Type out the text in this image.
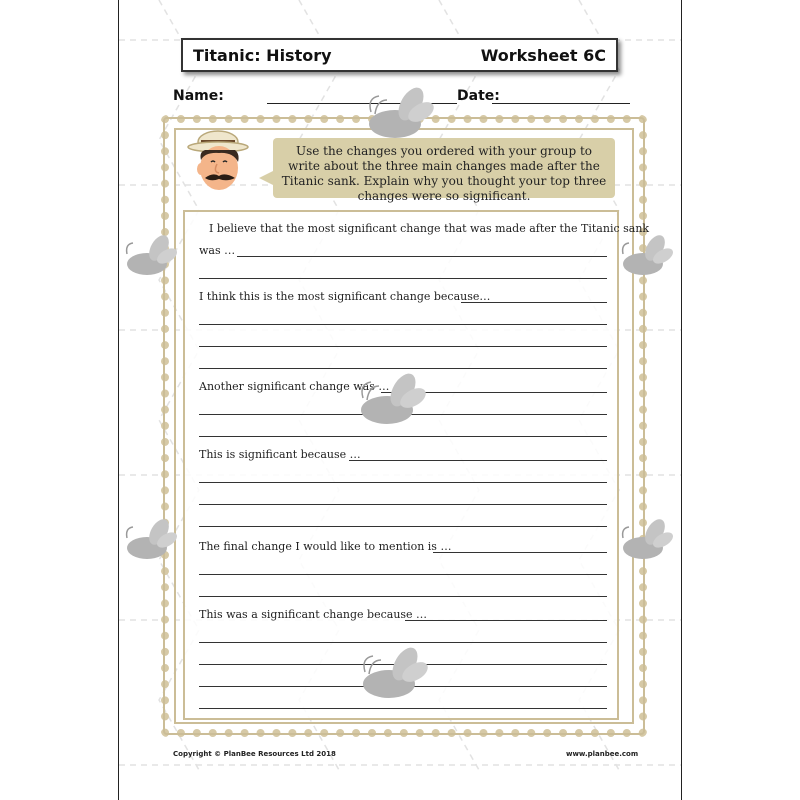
Titanic: History	Worksheet 6C
Name:	Date:
Use the changes you ordered with your group to write about the three main changes made after the Titanic sank. Explain why you thought your top three changes were so significant.
I believe that the most significant change that was made after the Titanic sank
was …
I think this is the most significant change because…
Another significant change was …
This is significant because …
The final change I would like to mention is …
This was a significant change because …
Copyright © PlanBee Resources Ltd 2018	www.planbee.com
